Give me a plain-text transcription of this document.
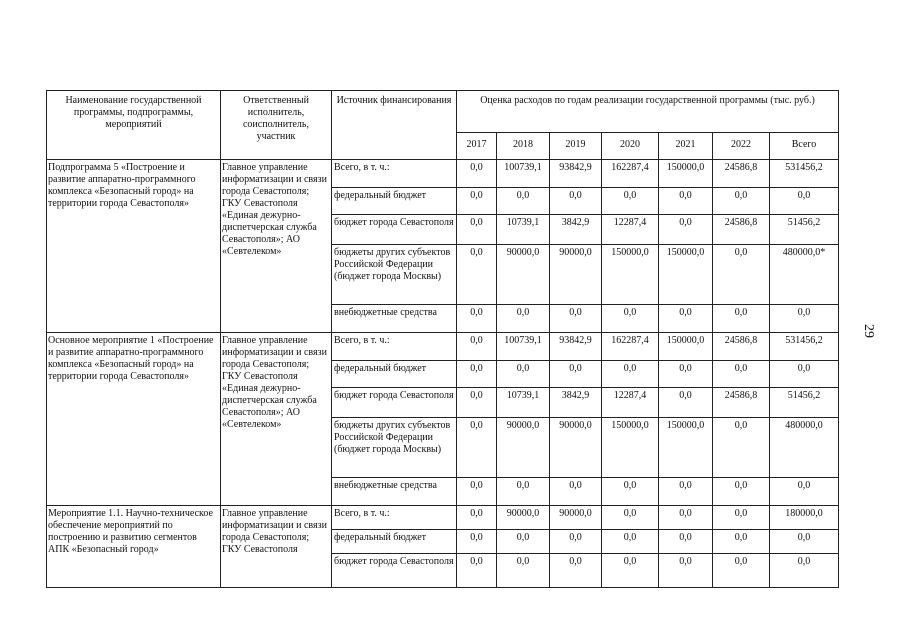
Наименование государственной программы, подпрограммы, мероприятий	Ответственный исполнитель, соисполнитель, участник	Источник финансирования	Оценка расходов по годам реализации государственной программы (тыс. руб.)						
			2017	2018	2019	2020	2021	2022	Всего
Подпрограмма 5 «Построение и развитие аппаратно-программного комплекса «Безопасный город» на территории города Севастополя»	Главное управление информатизации и связи города Севастополя; ГКУ Севастополя «Единая дежурно-диспетчерская служба Севастополя»; АО «Севтелеком»	Всего, в т. ч.:	0,0	100739,1	93842,9	162287,4	150000,0	24586,8	531456,2
		федеральный бюджет	0,0	0,0	0,0	0,0	0,0	0,0	0,0
		бюджет города Севастополя	0,0	10739,1	3842,9	12287,4	0,0	24586,8	51456,2
		бюджеты других субъектов Российской Федерации (бюджет города Москвы)	0,0	90000,0	90000,0	150000,0	150000,0	0,0	480000,0*
		внебюджетные средства	0,0	0,0	0,0	0,0	0,0	0,0	0,0
Основное мероприятие 1 «Построение и развитие аппаратно-программного комплекса «Безопасный город» на территории города Севастополя»	Главное управление информатизации и связи города Севастополя; ГКУ Севастополя «Единая дежурно-диспетчерская служба Севастополя»; АО «Севтелеком»	Всего, в т. ч.:	0,0	100739,1	93842,9	162287,4	150000,0	24586,8	531456,2
		федеральный бюджет	0,0	0,0	0,0	0,0	0,0	0,0	0,0
		бюджет города Севастополя	0,0	10739,1	3842,9	12287,4	0,0	24586,8	51456,2
		бюджеты других субъектов Российской Федерации (бюджет города Москвы)	0,0	90000,0	90000,0	150000,0	150000,0	0,0	480000,0
		внебюджетные средства	0,0	0,0	0,0	0,0	0,0	0,0	0,0
Мероприятие 1.1. Научно-техническое обеспечение мероприятий по построению и развитию сегментов АПК «Безопасный город»	Главное управление информатизации и связи города Севастополя; ГКУ Севастополя	Всего, в т. ч.:	0,0	90000,0	90000,0	0,0	0,0	0,0	180000,0
		федеральный бюджет	0,0	0,0	0,0	0,0	0,0	0,0	0,0
		бюджет города Севастополя	0,0	0,0	0,0	0,0	0,0	0,0	0,0
29
